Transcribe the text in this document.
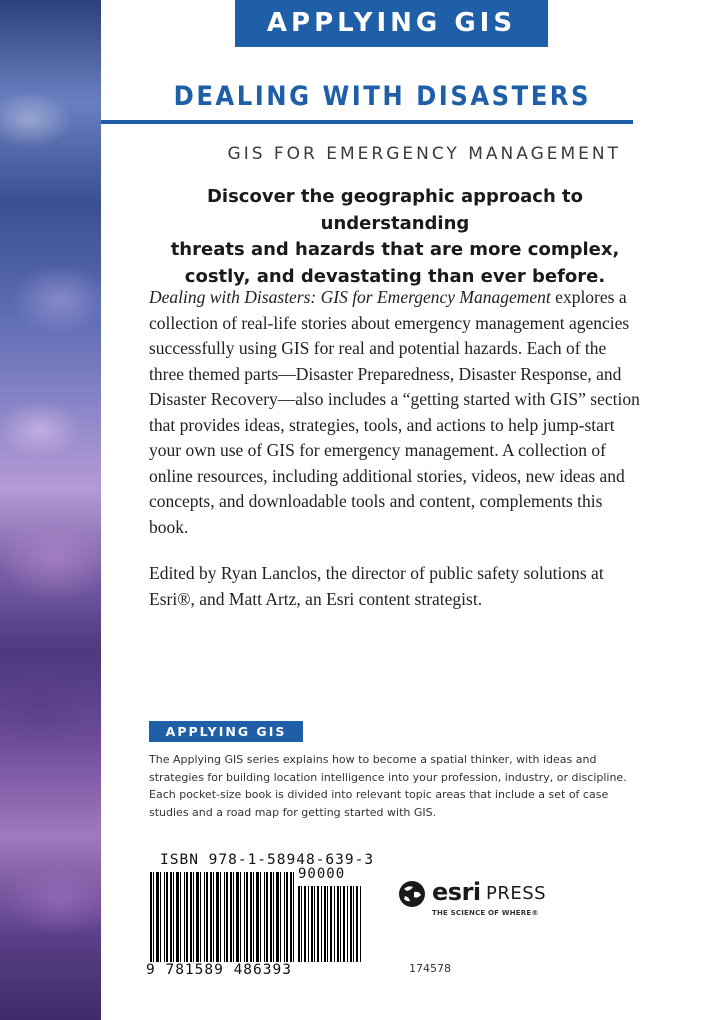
APPLYING GIS
DEALING WITH DISASTERS
GIS FOR EMERGENCY MANAGEMENT
Discover the geographic approach to understanding
threats and hazards that are more complex,
costly, and devastating than ever before.

Dealing with Disasters: GIS for Emergency Management explores a collection of real-life stories about emergency management agencies successfully using GIS for real and potential hazards. Each of the three themed parts—Disaster Preparedness, Disaster Response, and Disaster Recovery—also includes a “getting started with GIS” section that provides ideas, strategies, tools, and actions to help jump-start your own use of GIS for emergency management. A collection of online resources, including additional stories, videos, new ideas and concepts, and downloadable tools and content, complements this book.

Edited by Ryan Lanclos, the director of public safety solutions at Esri®, and Matt Artz, an Esri content strategist.

APPLYING GIS
The Applying GIS series explains how to become a spatial thinker, with ideas and strategies for building location intelligence into your profession, industry, or discipline. Each pocket-size book is divided into relevant topic areas that include a set of case studies and a road map for getting started with GIS.
ISBN 978-1-58948-639-3
90000
9 781589 486393
esri PRESS
THE SCIENCE OF WHERE®
174578
